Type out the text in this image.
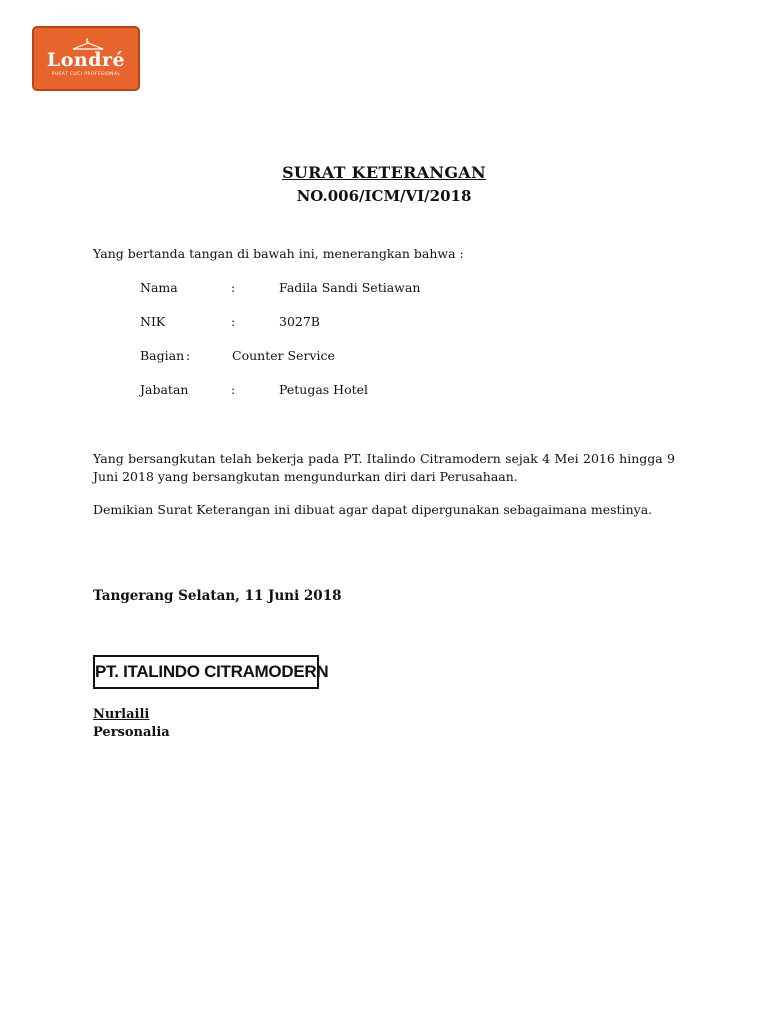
Londré
PUSAT CUCI PROFESIONAL
SURAT KETERANGAN
NO.006/ICM/VI/2018
Yang bertanda tangan di bawah ini, menerangkan bahwa :
Nama	:	Fadila Sandi Setiawan
NIK	:	3027B
Bagian :	Counter Service
Jabatan	:	Petugas Hotel
Yang bersangkutan telah bekerja pada PT. Italindo Citramodern sejak 4 Mei 2016 hingga 9 Juni 2018 yang bersangkutan mengundurkan diri dari Perusahaan.
Demikian Surat Keterangan ini dibuat agar dapat dipergunakan sebagaimana mestinya.
Tangerang Selatan, 11 Juni 2018
PT. ITALINDO CITRAMODERN
Nurlaili
Personalia
